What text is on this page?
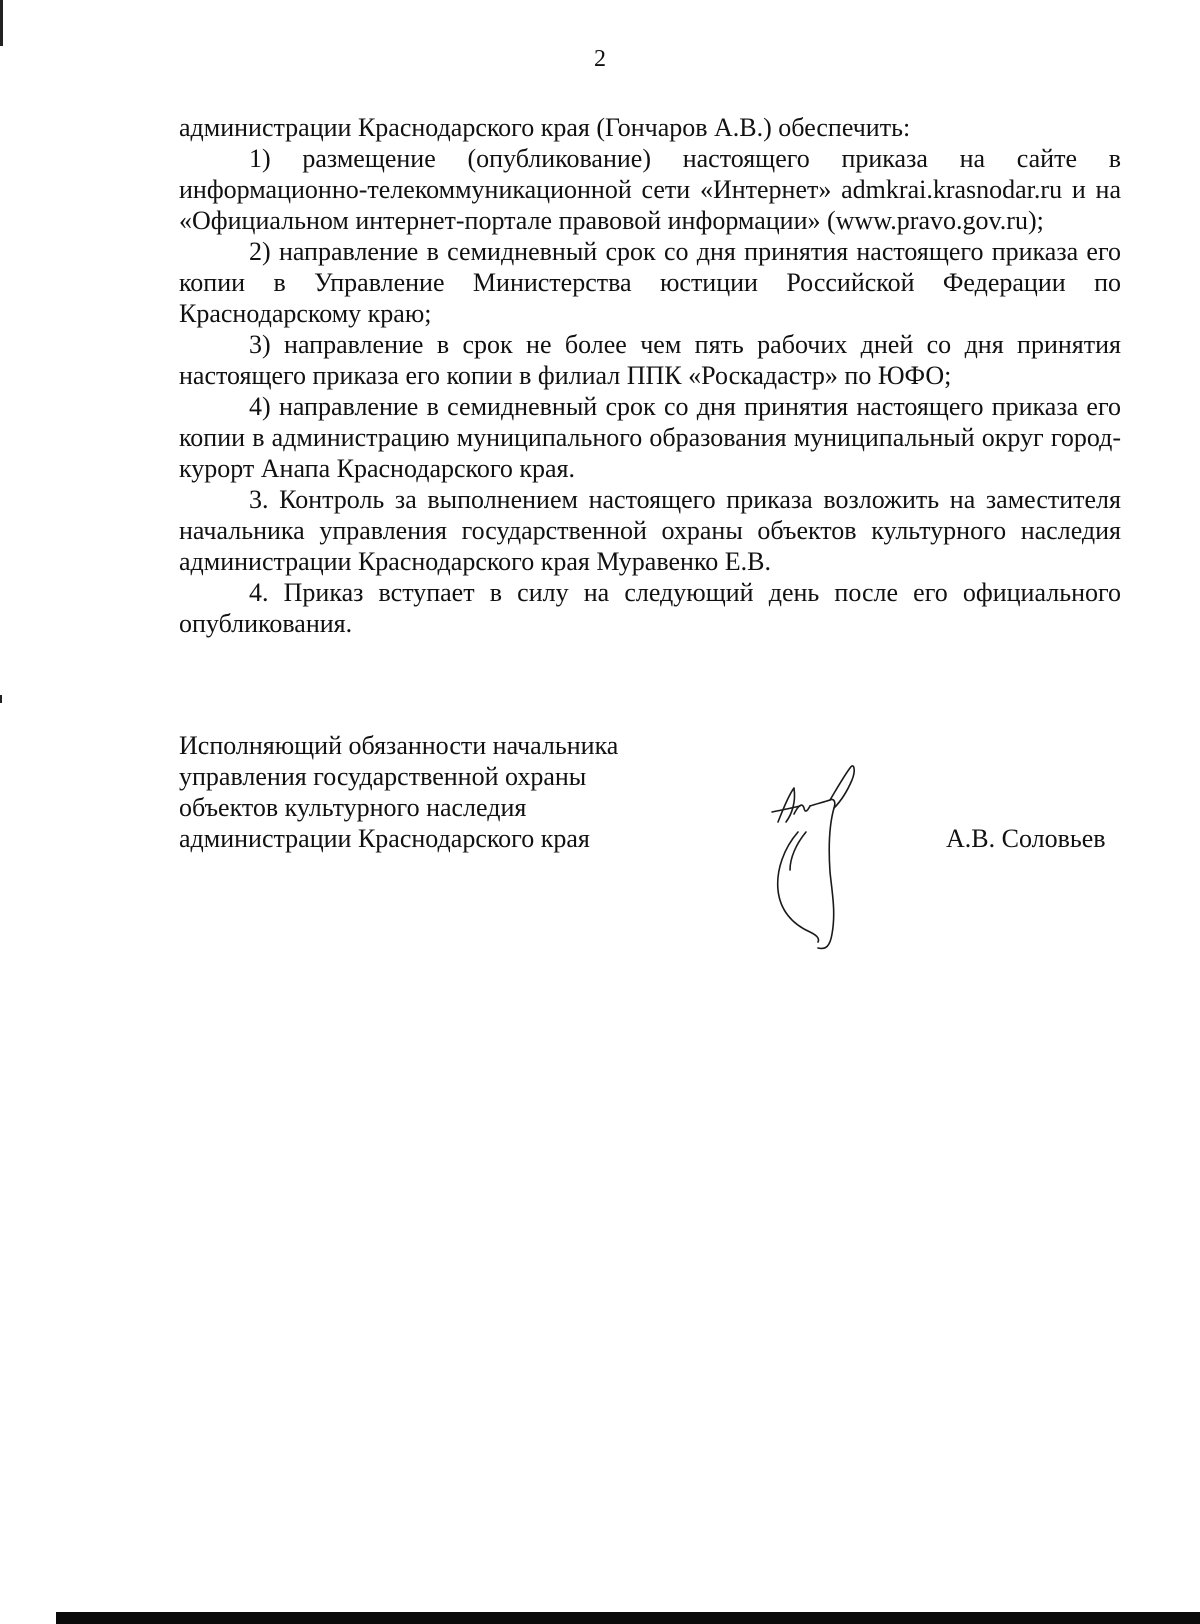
2

администрации Краснодарского края (Гончаров А.В.) обеспечить:

1) размещение (опубликование) настоящего приказа на сайте в информационно-телекоммуникационной сети «Интернет» admkrai.krasnodar.ru и на «Официальном интернет-портале правовой информации» (www.pravo.gov.ru);

2) направление в семидневный срок со дня принятия настоящего приказа его копии в Управление Министерства юстиции Российской Федерации по Краснодарскому краю;

3) направление в срок не более чем пять рабочих дней со дня принятия настоящего приказа его копии в филиал ППК «Роскадастр» по ЮФО;

4) направление в семидневный срок со дня принятия настоящего приказа его копии в администрацию муниципального образования муниципальный округ город-курорт Анапа Краснодарского края.

3. Контроль за выполнением настоящего приказа возложить на заместителя начальника управления государственной охраны объектов культурного наследия администрации Краснодарского края Муравенко Е.В.

4. Приказ вступает в силу на следующий день после его официального опубликования.

Исполняющий обязанности начальника
управления государственной охраны
объектов культурного наследия
администрации Краснодарского края	А.В. Соловьев
